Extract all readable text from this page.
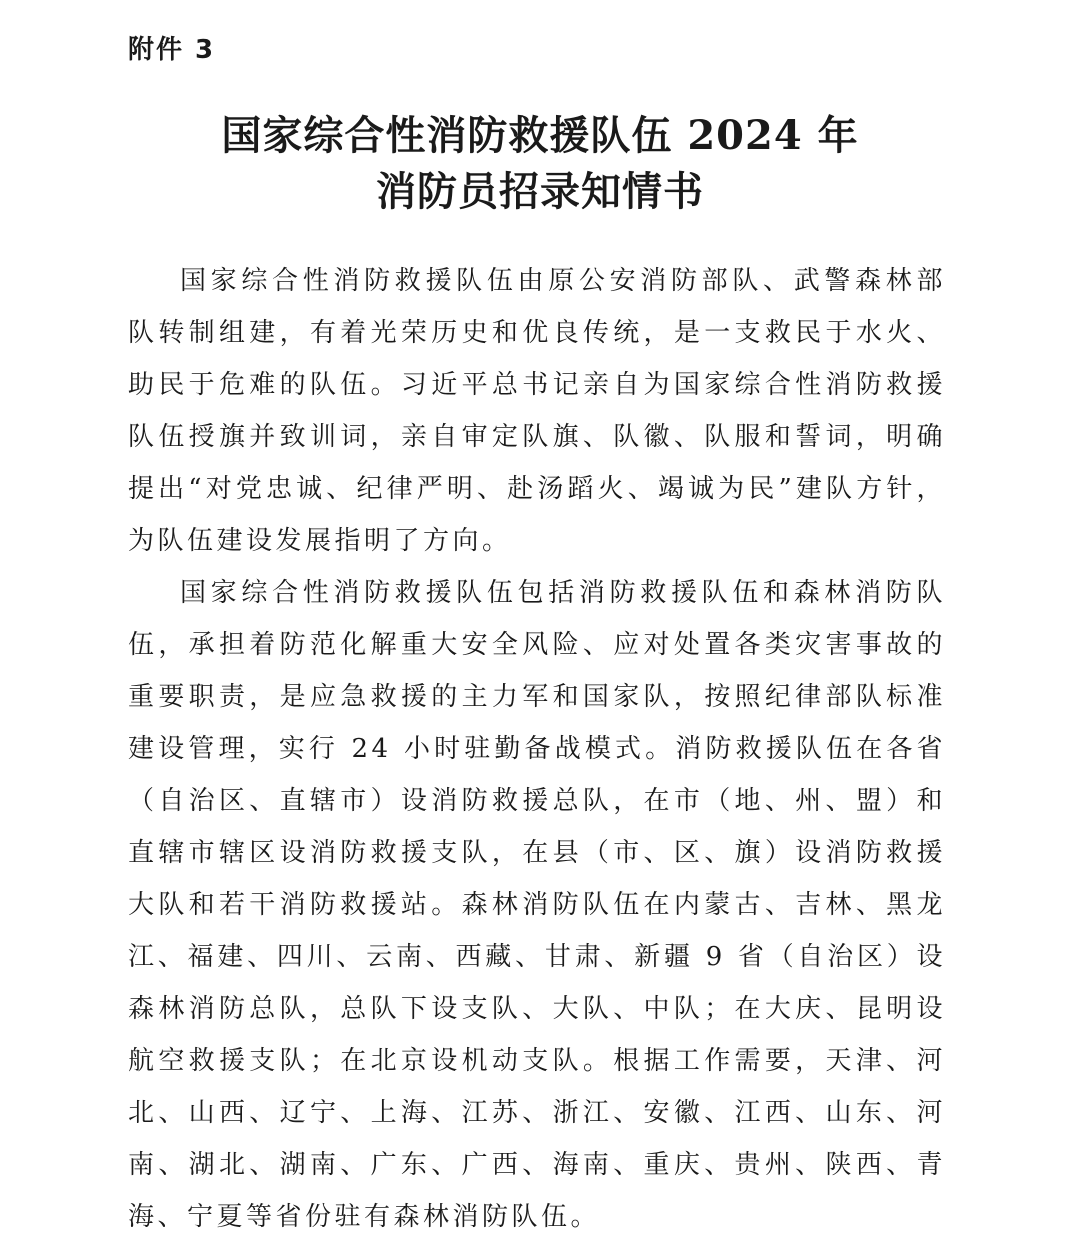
附件 3
国家综合性消防救援队伍 2024 年
消防员招录知情书

国家综合性消防救援队伍由原公安消防部队、武警森林部队转制组建，有着光荣历史和优良传统，是一支救民于水火、助民于危难的队伍。习近平总书记亲自为国家综合性消防救援队伍授旗并致训词，亲自审定队旗、队徽、队服和誓词，明确提出“对党忠诚、纪律严明、赴汤蹈火、竭诚为民”建队方针，为队伍建设发展指明了方向。

国家综合性消防救援队伍包括消防救援队伍和森林消防队伍，承担着防范化解重大安全风险、应对处置各类灾害事故的重要职责，是应急救援的主力军和国家队，按照纪律部队标准建设管理，实行 24 小时驻勤备战模式。消防救援队伍在各省（自治区、直辖市）设消防救援总队，在市（地、州、盟）和直辖市辖区设消防救援支队，在县（市、区、旗）设消防救援大队和若干消防救援站。森林消防队伍在内蒙古、吉林、黑龙江、福建、四川、云南、西藏、甘肃、新疆 9 省（自治区）设森林消防总队，总队下设支队、大队、中队；在大庆、昆明设航空救援支队；在北京设机动支队。根据工作需要，天津、河北、山西、辽宁、上海、江苏、浙江、安徽、江西、山东、河南、湖北、湖南、广东、广西、海南、重庆、贵州、陕西、青海、宁夏等省份驻有森林消防队伍。
